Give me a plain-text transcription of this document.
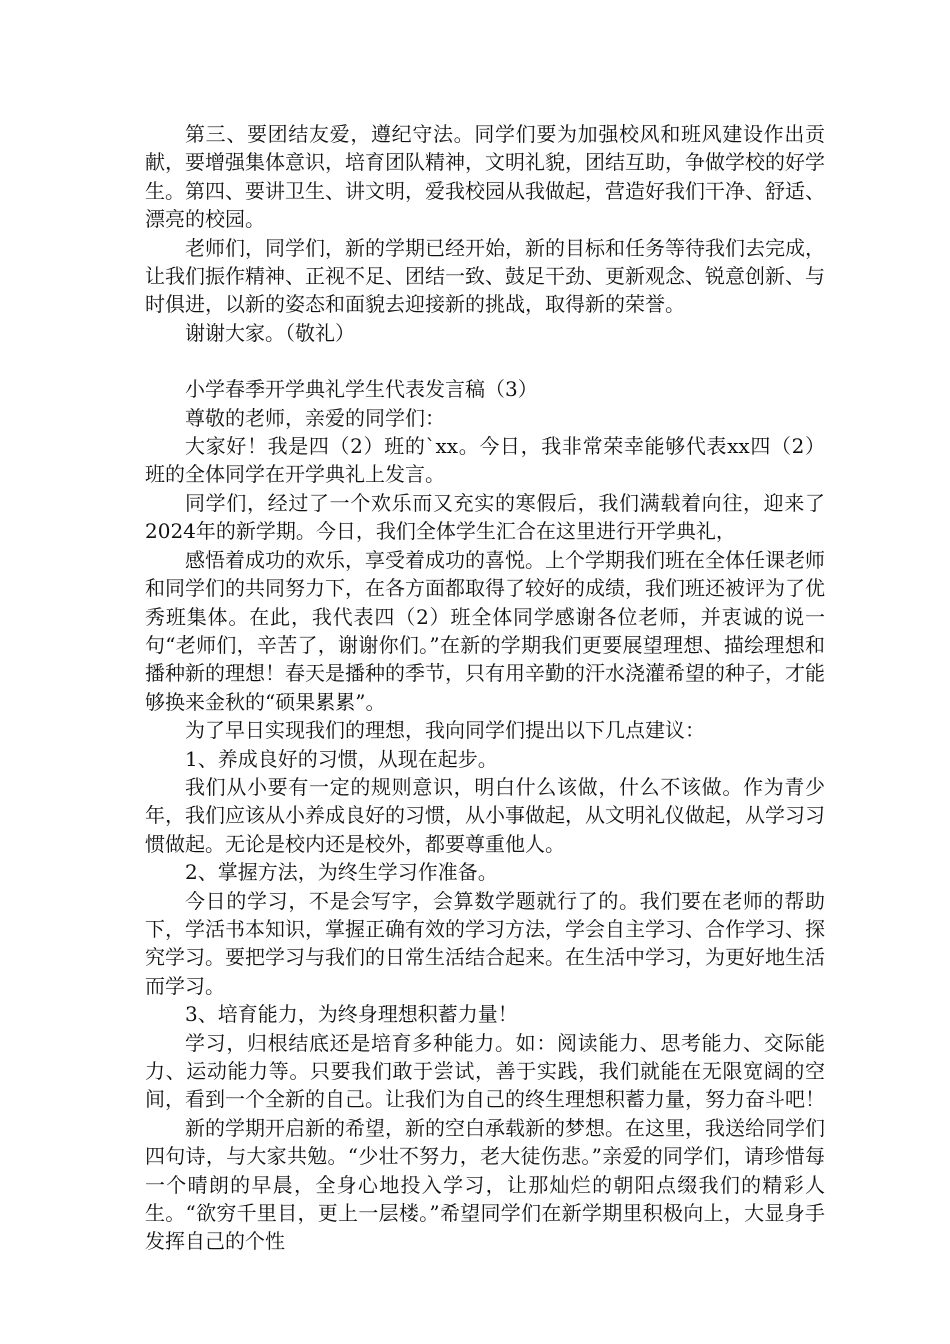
第三、要团结友爱，遵纪守法。同学们要为加强校风和班风建设作出贡献，要增强集体意识，培育团队精神，文明礼貌，团结互助，争做学校的好学生。第四、要讲卫生、讲文明，爱我校园从我做起，营造好我们干净、舒适、漂亮的校园。

老师们，同学们，新的学期已经开始，新的目标和任务等待我们去完成，让我们振作精神、正视不足、团结一致、鼓足干劲、更新观念、锐意创新、与时俱进，以新的姿态和面貌去迎接新的挑战，取得新的荣誉。

谢谢大家。（敬礼）

小学春季开学典礼学生代表发言稿（3）

尊敬的老师，亲爱的同学们：

大家好！我是四（2）班的`xx。今日，我非常荣幸能够代表xx四（2）班的全体同学在开学典礼上发言。

同学们，经过了一个欢乐而又充实的寒假后，我们满载着向往，迎来了2024年的新学期。今日，我们全体学生汇合在这里进行开学典礼，

感悟着成功的欢乐，享受着成功的喜悦。上个学期我们班在全体任课老师和同学们的共同努力下，在各方面都取得了较好的成绩，我们班还被评为了优秀班集体。在此，我代表四（2）班全体同学感谢各位老师，并衷诚的说一句“老师们，辛苦了，谢谢你们。”在新的学期我们更要展望理想、描绘理想和播种新的理想！春天是播种的季节，只有用辛勤的汗水浇灌希望的种子，才能够换来金秋的“硕果累累”。

为了早日实现我们的理想，我向同学们提出以下几点建议：

1、养成良好的习惯，从现在起步。

我们从小要有一定的规则意识，明白什么该做，什么不该做。作为青少年，我们应该从小养成良好的习惯，从小事做起，从文明礼仪做起，从学习习惯做起。无论是校内还是校外，都要尊重他人。

2、掌握方法，为终生学习作准备。

今日的学习，不是会写字，会算数学题就行了的。我们要在老师的帮助下，学活书本知识，掌握正确有效的学习方法，学会自主学习、合作学习、探究学习。要把学习与我们的日常生活结合起来。在生活中学习，为更好地生活而学习。

3、培育能力，为终身理想积蓄力量！

学习，归根结底还是培育多种能力。如：阅读能力、思考能力、交际能力、运动能力等。只要我们敢于尝试，善于实践，我们就能在无限宽阔的空间，看到一个全新的自己。让我们为自己的终生理想积蓄力量，努力奋斗吧！

新的学期开启新的希望，新的空白承载新的梦想。在这里，我送给同学们四句诗，与大家共勉。“少壮不努力，老大徒伤悲。”亲爱的同学们，请珍惜每一个晴朗的早晨，全身心地投入学习，让那灿烂的朝阳点缀我们的精彩人生。“欲穷千里目，更上一层楼。”希望同学们在新学期里积极向上，大显身手发挥自己的个性
